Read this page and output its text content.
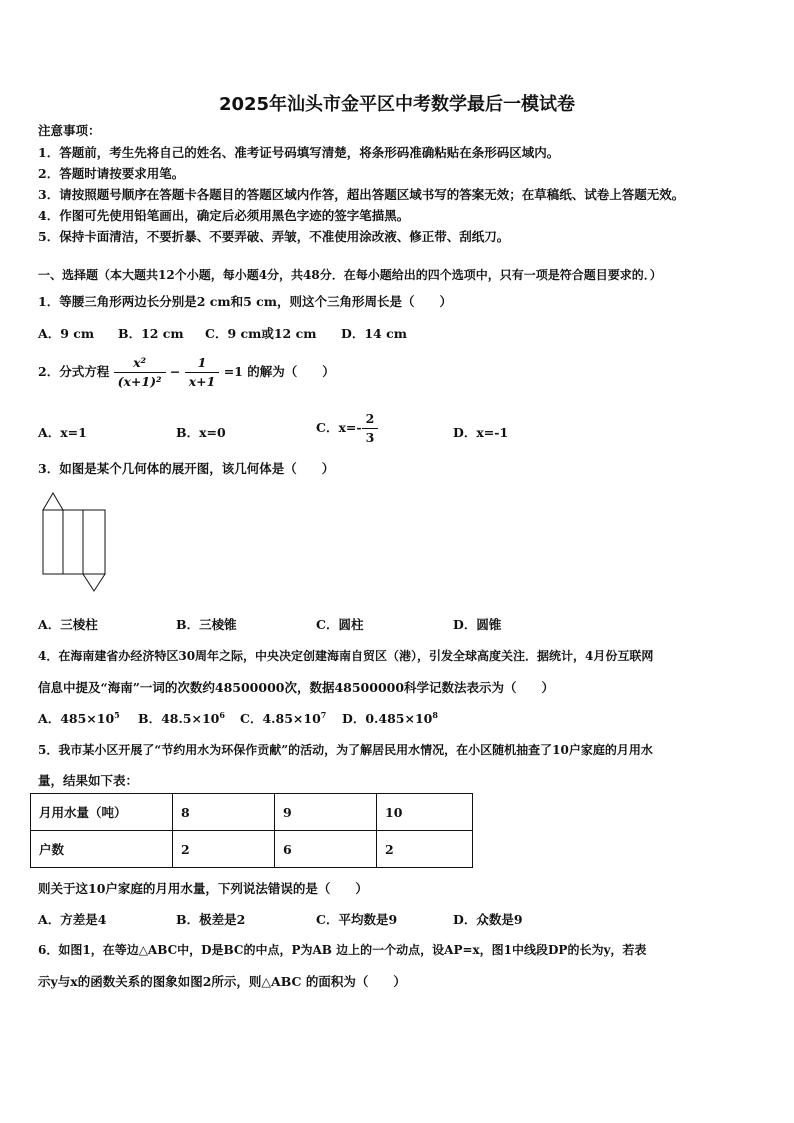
2025年汕头市金平区中考数学最后一模试卷
注意事项：
1．答题前，考生先将自己的姓名、准考证号码填写清楚，将条形码准确粘贴在条形码区域内。
2．答题时请按要求用笔。
3．请按照题号顺序在答题卡各题目的答题区域内作答，超出答题区域书写的答案无效；在草稿纸、试卷上答题无效。
4．作图可先使用铅笔画出，确定后必须用黑色字迹的签字笔描黑。
5．保持卡面清洁，不要折暴、不要弄破、弄皱，不准使用涂改液、修正带、刮纸刀。
一、选择题（本大题共12个小题，每小题4分，共48分．在每小题给出的四个选项中，只有一项是符合题目要求的．）
1．等腰三角形两边长分别是2 cm和5 cm，则这个三角形周长是（　　）
A．9 cm B．12 cm C．9 cm或12 cm D．14 cm
2．分式方程 $\frac{\text{x²}}{\text{(x+1)²}} - \frac{1}{x+1} =1$ 的解为（　　）
A．x=1	B．x=0	C．$x=- \frac{2}{3}$	D．x=-1
3．如图是某个几何体的展开图，该几何体是（　　）
A．三棱柱	B．三棱锥	C．圆柱	D．圆锥
4．在海南建省办经济特区30周年之际，中央决定创建海南自贸区（港），引发全球高度关注．据统计，4月份互联网
信息中提及“海南”一词的次数约48500000次，数据48500000科学记数法表示为（　　）
A．$485\times 10^5$ B．$48.5\times 10^6$ C．$4.85\times 10^7$ D．$0.485\times 10^8$
5．我市某小区开展了“节约用水为环保作贡献”的活动，为了解居民用水情况，在小区随机抽查了10户家庭的月用水
量，结果如下表：
月用水量（吨）	8	9	10
户数	2	6	2
则关于这10户家庭的月用水量，下列说法错误的是（　　）
A．方差是4	B．极差是2	C．平均数是9	D．众数是9
6．如图1，在等边△ABC中，D是BC的中点，P为AB 边上的一个动点，设AP=x，图1中线段DP的长为y，若表
示y与x的函数关系的图象如图2所示，则△ABC 的面积为（　　）
